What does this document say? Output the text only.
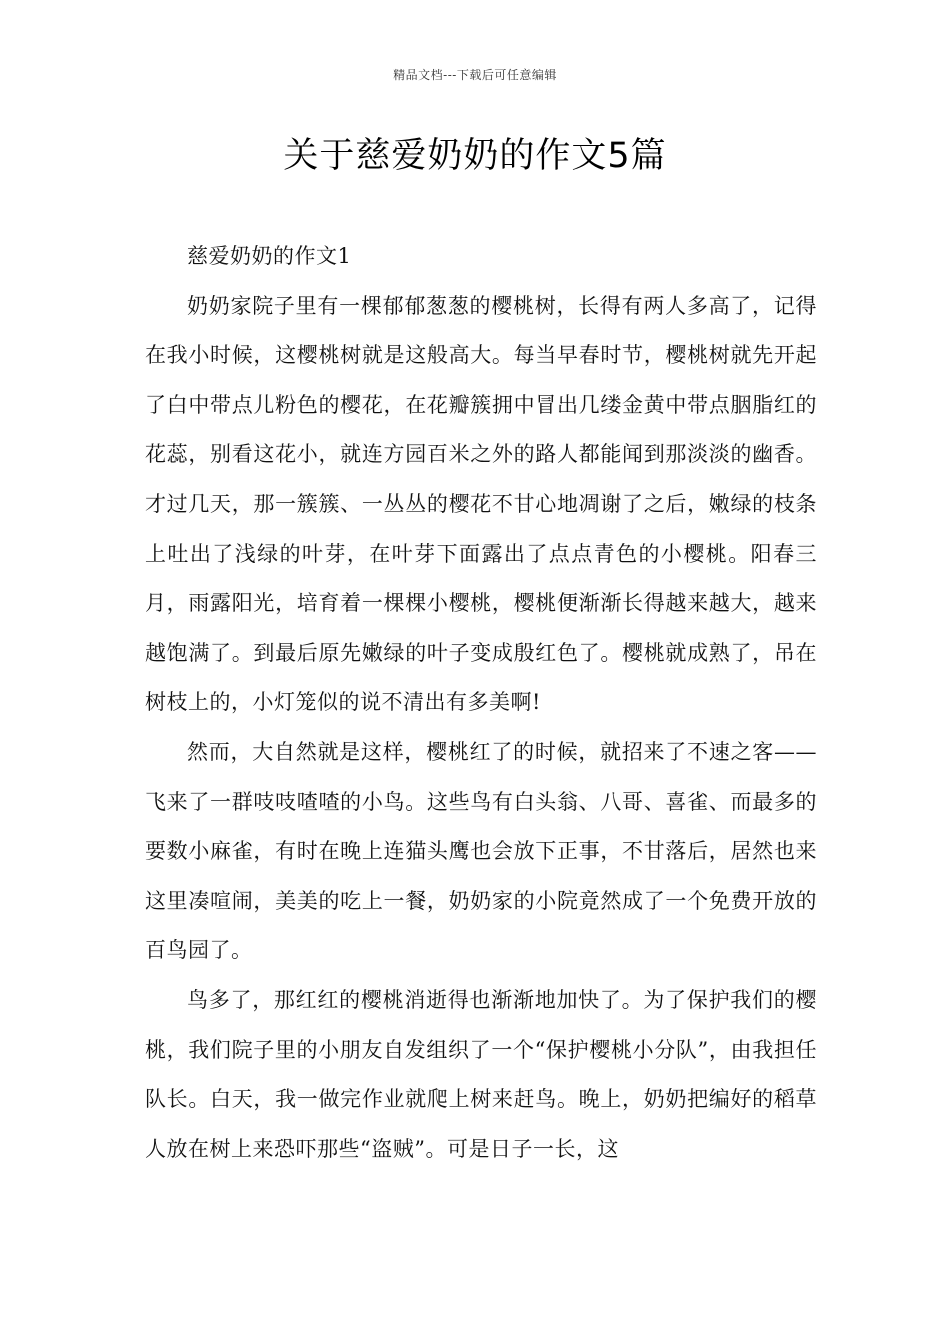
精品文档---下载后可任意编辑
关于慈爱奶奶的作文5篇

慈爱奶奶的作文1

奶奶家院子里有一棵郁郁葱葱的樱桃树，长得有两人多高了，记得在我小时候，这樱桃树就是这般高大。每当早春时节，樱桃树就先开起了白中带点儿粉色的樱花，在花瓣簇拥中冒出几缕金黄中带点胭脂红的花蕊，别看这花小，就连方园百米之外的路人都能闻到那淡淡的幽香。才过几天，那一簇簇、一丛丛的樱花不甘心地凋谢了之后，嫩绿的枝条上吐出了浅绿的叶芽，在叶芽下面露出了点点青色的小樱桃。阳春三月，雨露阳光，培育着一棵棵小樱桃，樱桃便渐渐长得越来越大，越来越饱满了。到最后原先嫩绿的叶子变成殷红色了。樱桃就成熟了，吊在树枝上的，小灯笼似的说不清出有多美啊!

然而，大自然就是这样，樱桃红了的时候，就招来了不速之客——飞来了一群吱吱喳喳的小鸟。这些鸟有白头翁、八哥、喜雀、而最多的要数小麻雀，有时在晚上连猫头鹰也会放下正事，不甘落后，居然也来这里凑喧闹，美美的吃上一餐，奶奶家的小院竟然成了一个免费开放的百鸟园了。

鸟多了，那红红的樱桃消逝得也渐渐地加快了。为了保护我们的樱桃，我们院子里的小朋友自发组织了一个“保护樱桃小分队”，由我担任队长。白天，我一做完作业就爬上树来赶鸟。晚上，奶奶把编好的稻草人放在树上来恐吓那些“盗贼”。可是日子一长，这
